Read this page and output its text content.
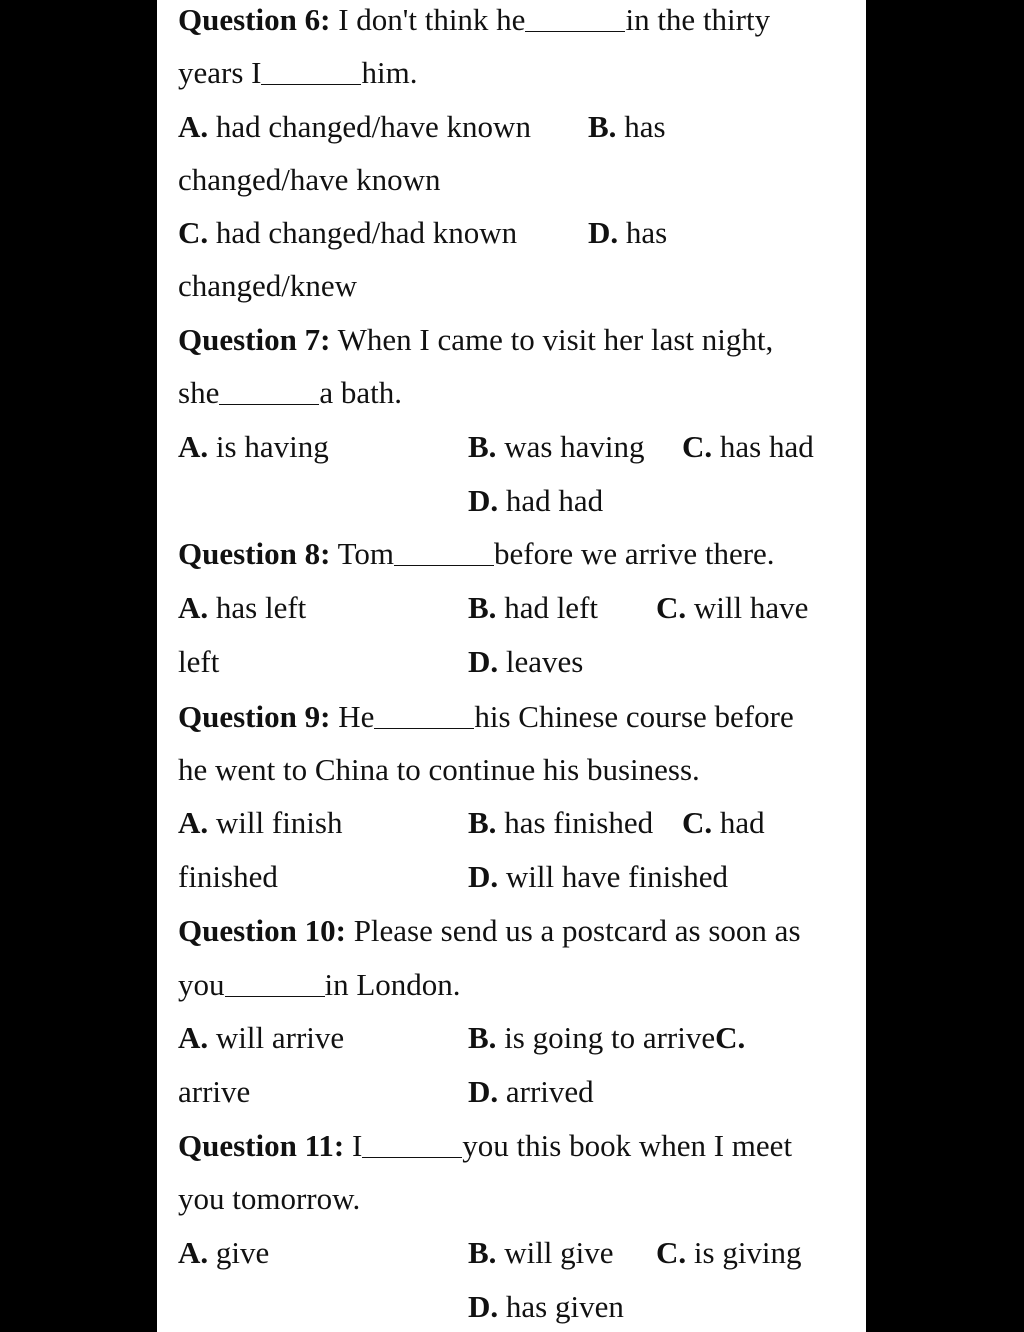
Question 6: I don't think he	in the thirty
years I	him.
A. had changed/have known B. has
changed/have known
C. had changed/had known D. has
changed/knew
Question 7: When I came to visit her last night,
she	a bath.
A. is having	B. was having C. has had
D. had had
Question 8: Tom	before we arrive there.
A. has left	B. had left C. will have
left	D. leaves
Question 9: He	his Chinese course before
he went to China to continue his business.
A. will finish	B. has finished C. had
finished	D. will have finished
Question 10: Please send us a postcard as soon as
you	in London.
A. will arrive	B. is going to arriveC.
arrive	D. arrived
Question 11: I	you this book when I meet
you tomorrow.
A. give	B. will give C. is giving
D. has given
